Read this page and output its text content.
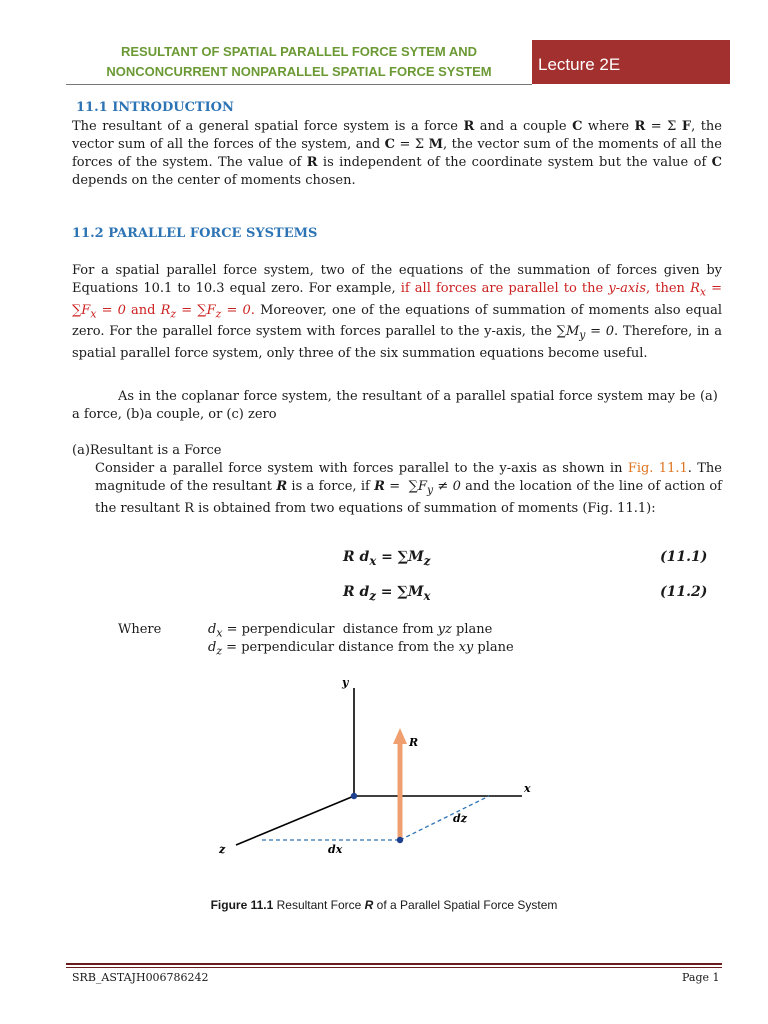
RESULTANT OF SPATIAL PARALLEL FORCE SYTEM AND
NONCONCURRENT NONPARALLEL SPATIAL FORCE SYSTEM	Lecture 2E
11.1 INTRODUCTION
The resultant of a general spatial force system is a force R and a couple C where R = Σ F, the vector sum of all the forces of the system, and C = Σ M, the vector sum of the moments of all the forces of the system. The value of R is independent of the coordinate system but the value of C depends on the center of moments chosen.
11.2 PARALLEL FORCE SYSTEMS
For a spatial parallel force system, two of the equations of the summation of forces given by Equations 10.1 to 10.3 equal zero. For example, if all forces are parallel to the y-axis, then $R_x = \sum F_x = 0$ and $R_z = \sum F_z = 0$. Moreover, one of the equations of summation of moments also equal zero. For the parallel force system with forces parallel to the y-axis, the $\sum M_y = 0$. Therefore, in a spatial parallel force system, only three of the six summation equations become useful.
As in the coplanar force system, the resultant of a parallel spatial force system may be (a)  a force, (b)a couple, or (c) zero
(a)Resultant is a Force
Consider a parallel force system with forces parallel to the y-axis as shown in Fig. 11.1. The magnitude of the resultant R is a force, if $R = \sum F_y \ne 0$ and the location of the line of action of the resultant R is obtained from two equations of summation of moments (Fig. 11.1):
R $d_x = \sum M_z$	(11.1)
R $d_z = \sum M_x$	(11.2)
Where	$d_x$ = perpendicular  distance from yz plane
$d_z$ = perpendicular distance from the xy plane
y
x
z
R
dx
dz
Figure 11.1 Resultant Force R of a Parallel Spatial Force System
SRB_ASTAJH006786242	Page 1
